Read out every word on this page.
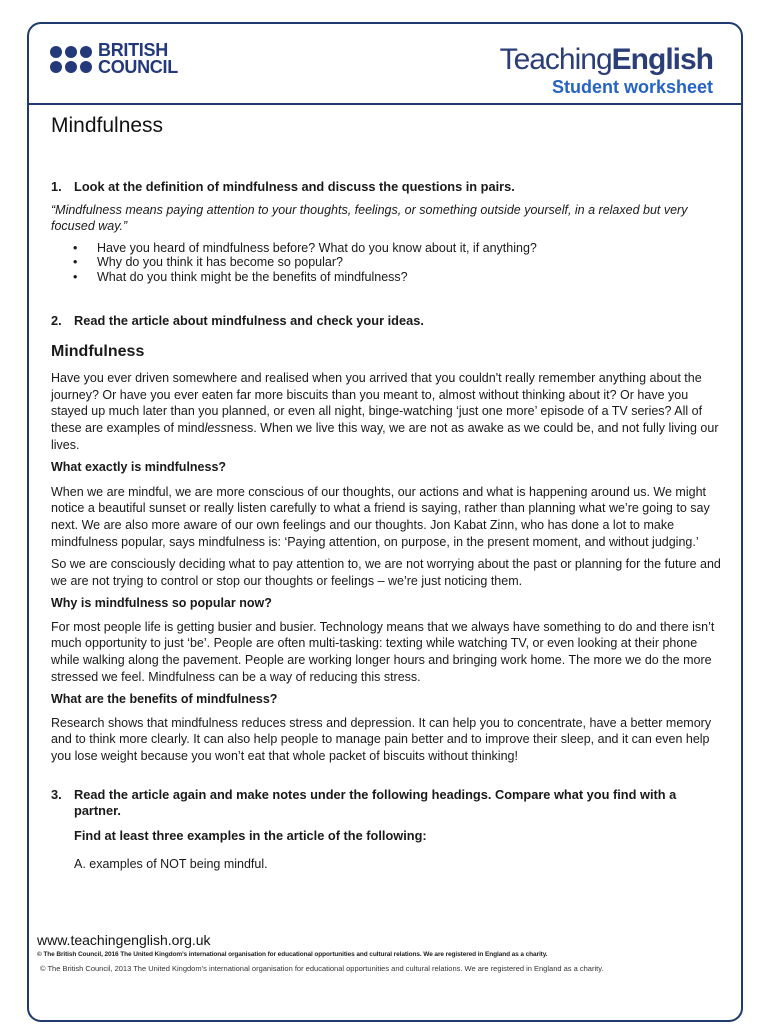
BRITISH
COUNCIL	TeachingEnglish
Student worksheet
Mindfulness
1. Look at the definition of mindfulness and discuss the questions in pairs.

“Mindfulness means paying attention to your thoughts, feelings, or something outside yourself, in a relaxed but very focused way.”

• Have you heard of mindfulness before? What do you know about it, if anything?
• Why do you think it has become so popular?
• What do you think might be the benefits of mindfulness?
2. Read the article about mindfulness and check your ideas.
Mindfulness

Have you ever driven somewhere and realised when you arrived that you couldn't really remember anything about the journey? Or have you ever eaten far more biscuits than you meant to, almost without thinking about it? Or have you stayed up much later than you planned, or even all night, binge-watching ‘just one more’ episode of a TV series? All of these are examples of mindlessness. When we live this way, we are not as awake as we could be, and not fully living our lives.

What exactly is mindfulness?

When we are mindful, we are more conscious of our thoughts, our actions and what is happening around us. We might notice a beautiful sunset or really listen carefully to what a friend is saying, rather than planning what we’re going to say next. We are also more aware of our own feelings and our thoughts. Jon Kabat Zinn, who has done a lot to make mindfulness popular, says mindfulness is: ‘Paying attention, on purpose, in the present moment, and without judging.’

So we are consciously deciding what to pay attention to, we are not worrying about the past or planning for the future and we are not trying to control or stop our thoughts or feelings – we’re just noticing them.

Why is mindfulness so popular now?

For most people life is getting busier and busier. Technology means that we always have something to do and there isn’t much opportunity to just ‘be’. People are often multi-tasking: texting while watching TV, or even looking at their phone while walking along the pavement. People are working longer hours and bringing work home. The more we do the more stressed we feel. Mindfulness can be a way of reducing this stress.

What are the benefits of mindfulness?

Research shows that mindfulness reduces stress and depression. It can help you to concentrate, have a better memory and to think more clearly. It can also help people to manage pain better and to improve their sleep, and it can even help you lose weight because you won’t eat that whole packet of biscuits without thinking!

3. Read the article again and make notes under the following headings. Compare what you find with a partner.

Find at least three examples in the article of the following:

A. examples of NOT being mindful.

www.teachingenglish.org.uk
© The British Council, 2016 The United Kingdom’s international organisation for educational opportunities and cultural relations. We are registered in England as a charity.
© The British Council, 2013 The United Kingdom’s international organisation for educational opportunities and cultural relations. We are registered in England as a charity.
